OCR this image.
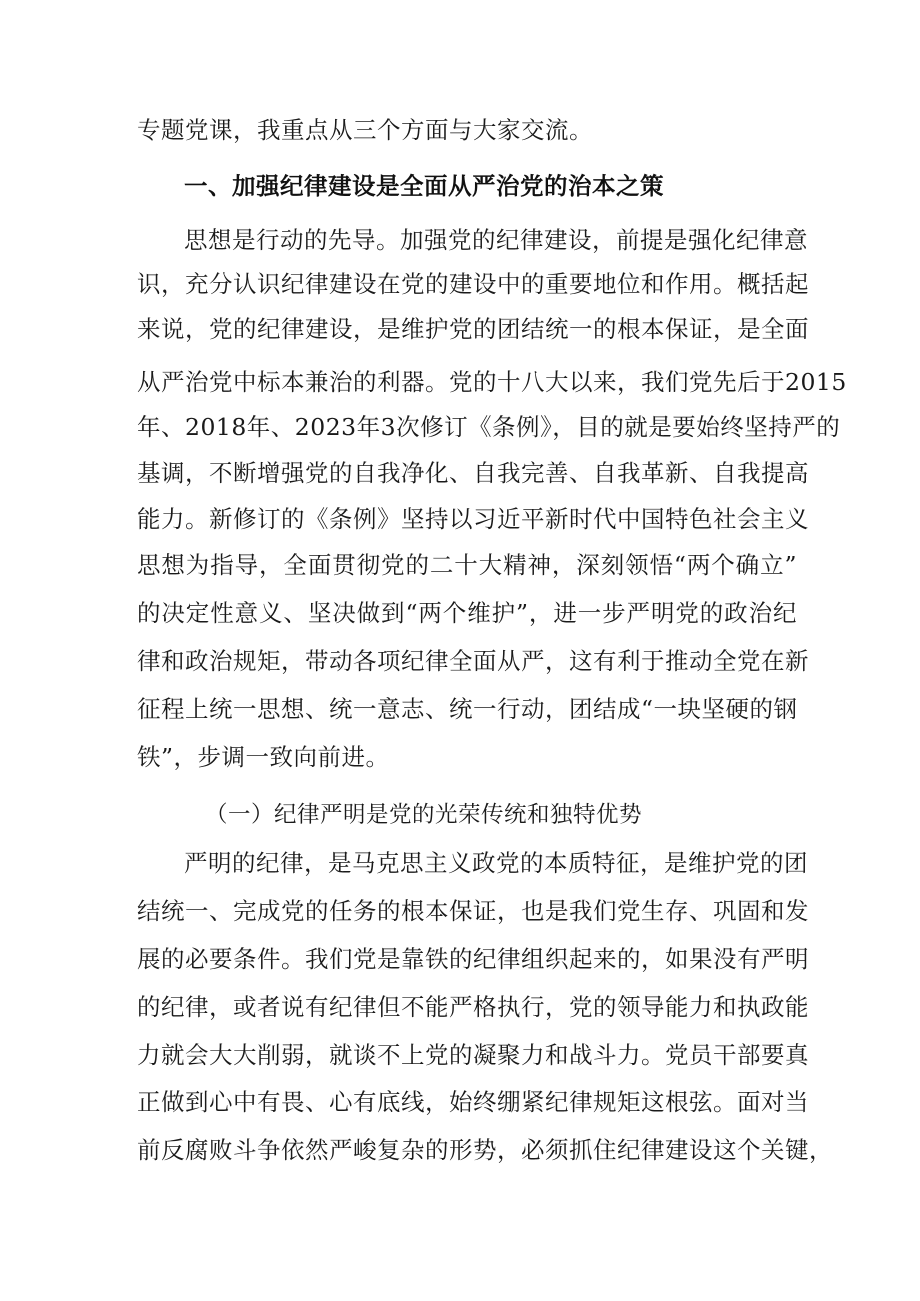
专题党课，我重点从三个方面与大家交流。
一、加强纪律建设是全面从严治党的治本之策
思想是行动的先导。加强党的纪律建设，前提是强化纪律意
识，充分认识纪律建设在党的建设中的重要地位和作用。概括起
来说，党的纪律建设，是维护党的团结统一的根本保证，是全面
从严治党中标本兼治的利器。党的十八大以来，我们党先后于2015
年、2018年、2023年3次修订《条例》，目的就是要始终坚持严的
基调，不断增强党的自我净化、自我完善、自我革新、自我提高
能力。新修订的《条例》坚持以习近平新时代中国特色社会主义
思想为指导，全面贯彻党的二十大精神，深刻领悟“两个确立”
的决定性意义、坚决做到“两个维护”，进一步严明党的政治纪
律和政治规矩，带动各项纪律全面从严，这有利于推动全党在新
征程上统一思想、统一意志、统一行动，团结成“一块坚硬的钢
铁”，步调一致向前进。
（一）纪律严明是党的光荣传统和独特优势
严明的纪律，是马克思主义政党的本质特征，是维护党的团
结统一、完成党的任务的根本保证，也是我们党生存、巩固和发
展的必要条件。我们党是靠铁的纪律组织起来的，如果没有严明
的纪律，或者说有纪律但不能严格执行，党的领导能力和执政能
力就会大大削弱，就谈不上党的凝聚力和战斗力。党员干部要真
正做到心中有畏、心有底线，始终绷紧纪律规矩这根弦。面对当
前反腐败斗争依然严峻复杂的形势，必须抓住纪律建设这个关键，
